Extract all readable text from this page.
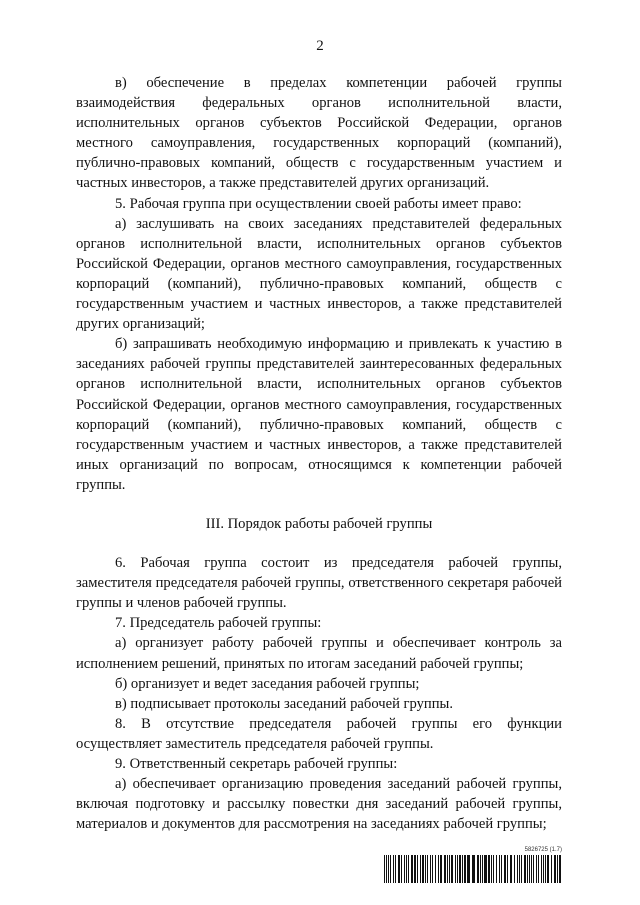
2

в) обеспечение в пределах компетенции рабочей группы взаимодействия федеральных органов исполнительной власти, исполнительных органов субъектов Российской Федерации, органов местного самоуправления, государственных корпораций (компаний), публично-правовых компаний, обществ с государственным участием и частных инвесторов, а также представителей других организаций.

5. Рабочая группа при осуществлении своей работы имеет право:

а) заслушивать на своих заседаниях представителей федеральных органов исполнительной власти, исполнительных органов субъектов Российской Федерации, органов местного самоуправления, государственных корпораций (компаний), публично-правовых компаний, обществ с государственным участием и частных инвесторов, а также представителей других организаций;

б) запрашивать необходимую информацию и привлекать к участию в заседаниях рабочей группы представителей заинтересованных федеральных органов исполнительной власти, исполнительных органов субъектов Российской Федерации, органов местного самоуправления, государственных корпораций (компаний), публично-правовых компаний, обществ с государственным участием и частных инвесторов, а также представителей иных организаций по вопросам, относящимся к компетенции рабочей группы.

III. Порядок работы рабочей группы

6. Рабочая группа состоит из председателя рабочей группы, заместителя председателя рабочей группы, ответственного секретаря рабочей группы и членов рабочей группы.

7. Председатель рабочей группы:

а) организует работу рабочей группы и обеспечивает контроль за исполнением решений, принятых по итогам заседаний рабочей группы;

б) организует и ведет заседания рабочей группы;

в) подписывает протоколы заседаний рабочей группы.

8. В отсутствие председателя рабочей группы его функции осуществляет заместитель председателя рабочей группы.

9. Ответственный секретарь рабочей группы:

а) обеспечивает организацию проведения заседаний рабочей группы, включая подготовку и рассылку повестки дня заседаний рабочей группы, материалов и документов для рассмотрения на заседаниях рабочей группы;

5826725 (1.7)
